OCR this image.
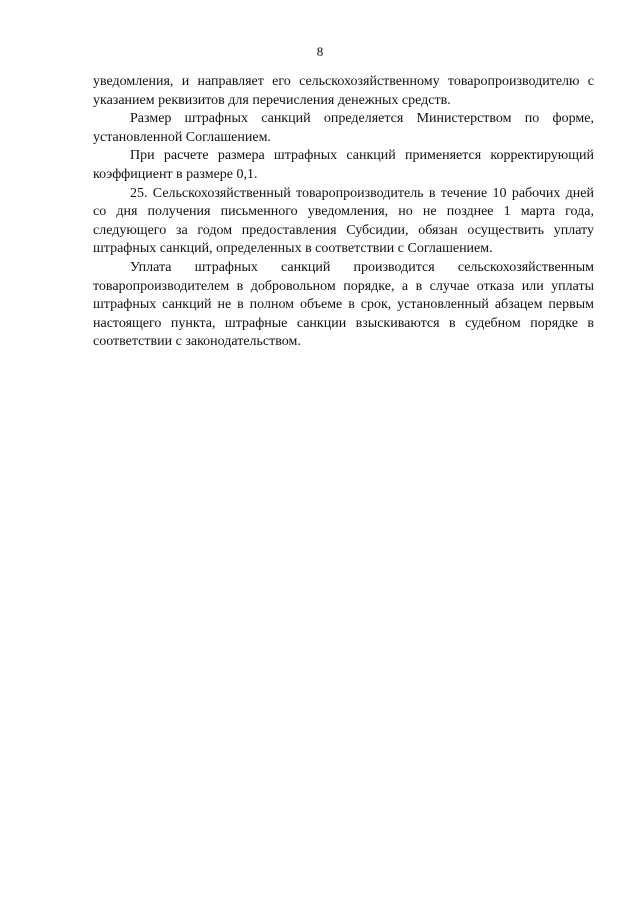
8

уведомления, и направляет его сельскохозяйственному товаропроизводителю с указанием реквизитов для перечисления денежных средств.

Размер штрафных санкций определяется Министерством по форме, установленной Соглашением.

При расчете размера штрафных санкций применяется корректирующий коэффициент в размере 0,1.

25. Сельскохозяйственный товаропроизводитель в течение 10 рабочих дней со дня получения письменного уведомления, но не позднее 1 марта года, следующего за годом предоставления Субсидии, обязан осуществить уплату штрафных санкций, определенных в соответствии с Соглашением.

Уплата штрафных санкций производится сельскохозяйственным товаропроизводителем в добровольном порядке, а в случае отказа или уплаты штрафных санкций не в полном объеме в срок, установленный абзацем первым настоящего пункта, штрафные санкции взыскиваются в судебном порядке в соответствии с законодательством.
